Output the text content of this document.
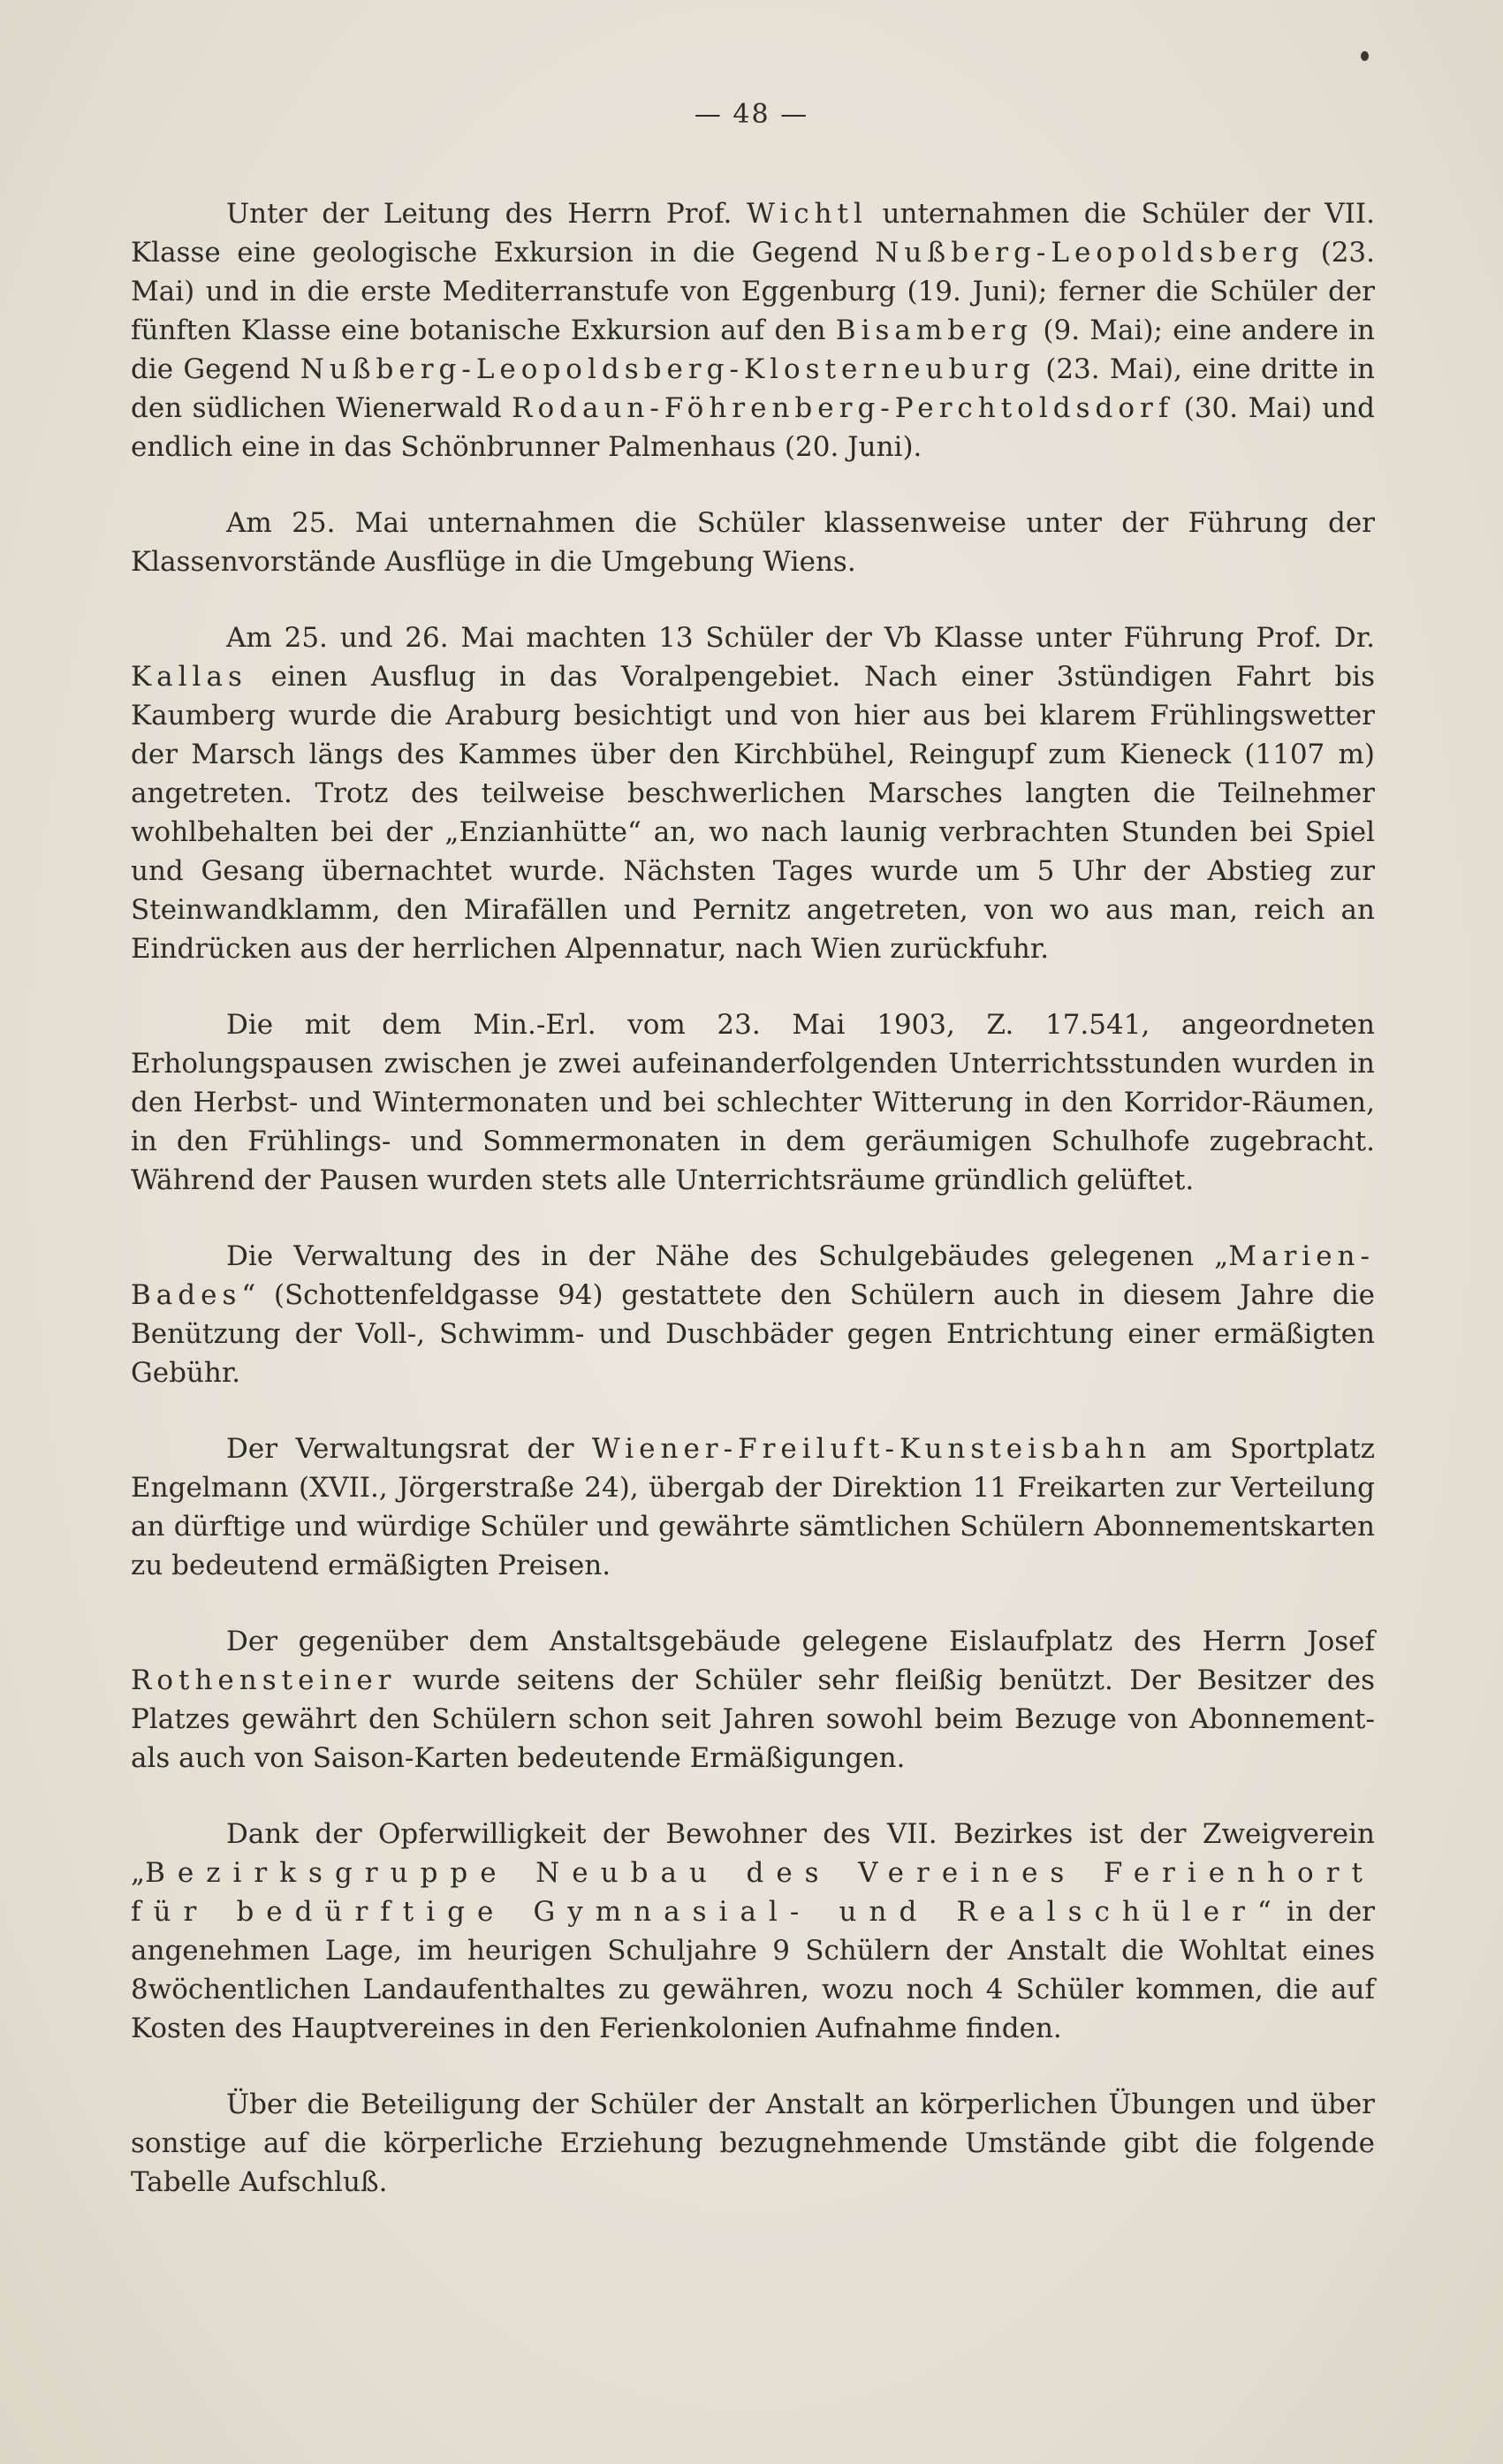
— 48 —

Unter der Leitung des Herrn Prof. Wichtl unternahmen die Schüler der VII. Klasse eine geologische Exkursion in die Gegend Nußberg-Leopoldsberg (23. Mai) und in die erste Mediterranstufe von Eggenburg (19. Juni); ferner die Schüler der fünften Klasse eine botanische Exkursion auf den Bisamberg (9. Mai); eine andere in die Gegend Nußberg-Leopoldsberg-Klosterneuburg (23. Mai), eine dritte in den südlichen Wienerwald Rodaun-Föhrenberg-Perchtoldsdorf (30. Mai) und endlich eine in das Schönbrunner Palmenhaus (20. Juni).

Am 25. Mai unternahmen die Schüler klassenweise unter der Führung der Klassenvorstände Ausflüge in die Umgebung Wiens.

Am 25. und 26. Mai machten 13 Schüler der Vb Klasse unter Führung Prof. Dr. Kallas einen Ausflug in das Voralpengebiet. Nach einer 3stündigen Fahrt bis Kaumberg wurde die Araburg besichtigt und von hier aus bei klarem Frühlingswetter der Marsch längs des Kammes über den Kirchbühel, Reingupf zum Kieneck (1107 m) angetreten. Trotz des teilweise beschwerlichen Marsches langten die Teilnehmer wohlbehalten bei der „Enzianhütte“ an, wo nach launig verbrachten Stunden bei Spiel und Gesang übernachtet wurde. Nächsten Tages wurde um 5 Uhr der Abstieg zur Steinwandklamm, den Mirafällen und Pernitz angetreten, von wo aus man, reich an Eindrücken aus der herrlichen Alpennatur, nach Wien zurückfuhr.

Die mit dem Min.-Erl. vom 23. Mai 1903, Z. 17.541, angeordneten Erholungspausen zwischen je zwei aufeinanderfolgenden Unterrichtsstunden wurden in den Herbst- und Wintermonaten und bei schlechter Witterung in den Korridor-Räumen, in den Frühlings- und Sommermonaten in dem geräumigen Schulhofe zugebracht. Während der Pausen wurden stets alle Unterrichtsräume gründlich gelüftet.

Die Verwaltung des in der Nähe des Schulgebäudes gelegenen „Marien-Bades“ (Schottenfeldgasse 94) gestattete den Schülern auch in diesem Jahre die Benützung der Voll-, Schwimm- und Duschbäder gegen Entrichtung einer ermäßigten Gebühr.

Der Verwaltungsrat der Wiener-Freiluft-Kunsteisbahn am Sportplatz Engelmann (XVII., Jörgerstraße 24), übergab der Direktion 11 Freikarten zur Verteilung an dürftige und würdige Schüler und gewährte sämtlichen Schülern Abonnementskarten zu bedeutend ermäßigten Preisen.

Der gegenüber dem Anstaltsgebäude gelegene Eislaufplatz des Herrn Josef Rothensteiner wurde seitens der Schüler sehr fleißig benützt. Der Besitzer des Platzes gewährt den Schülern schon seit Jahren sowohl beim Bezuge von Abonnement- als auch von Saison-Karten bedeutende Ermäßigungen.

Dank der Opferwilligkeit der Bewohner des VII. Bezirkes ist der Zweigverein „Bezirksgruppe Neubau des Vereines Ferienhort für bedürftige Gymnasial- und Realschüler“ in der angenehmen Lage, im heurigen Schuljahre 9 Schülern der Anstalt die Wohltat eines 8wöchentlichen Landaufenthaltes zu gewähren, wozu noch 4 Schüler kommen, die auf Kosten des Hauptvereines in den Ferienkolonien Aufnahme finden.

Über die Beteiligung der Schüler der Anstalt an körperlichen Übungen und über sonstige auf die körperliche Erziehung bezugnehmende Umstände gibt die folgende Tabelle Aufschluß.
